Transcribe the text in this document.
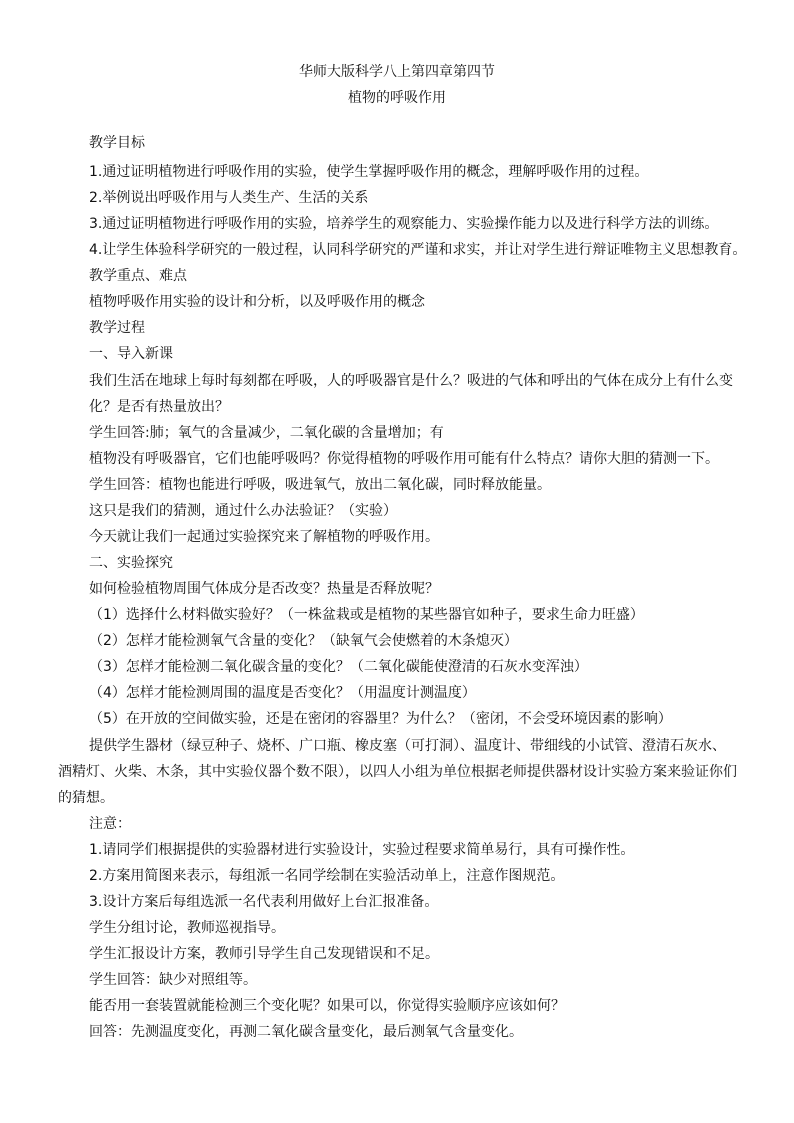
华师大版科学八上第四章第四节
植物的呼吸作用
教学目标
1.通过证明植物进行呼吸作用的实验，使学生掌握呼吸作用的概念，理解呼吸作用的过程。
2.举例说出呼吸作用与人类生产、生活的关系
3.通过证明植物进行呼吸作用的实验，培养学生的观察能力、实验操作能力以及进行科学方法的训练。
4.让学生体验科学研究的一般过程，认同科学研究的严谨和求实，并让对学生进行辩证唯物主义思想教育。
教学重点、难点
植物呼吸作用实验的设计和分析，以及呼吸作用的概念
教学过程
一、导入新课
我们生活在地球上每时每刻都在呼吸，人的呼吸器官是什么？吸进的气体和呼出的气体在成分上有什么变
化？是否有热量放出？
学生回答:肺；氧气的含量减少，二氧化碳的含量增加；有
植物没有呼吸器官，它们也能呼吸吗？你觉得植物的呼吸作用可能有什么特点？请你大胆的猜测一下。
学生回答：植物也能进行呼吸，吸进氧气，放出二氧化碳，同时释放能量。
这只是我们的猜测，通过什么办法验证？（实验）
今天就让我们一起通过实验探究来了解植物的呼吸作用。
二、实验探究
如何检验植物周围气体成分是否改变？热量是否释放呢？
（1）选择什么材料做实验好？（一株盆栽或是植物的某些器官如种子，要求生命力旺盛）
（2）怎样才能检测氧气含量的变化？（缺氧气会使燃着的木条熄灭）
（3）怎样才能检测二氧化碳含量的变化？（二氧化碳能使澄清的石灰水变浑浊）
（4）怎样才能检测周围的温度是否变化？（用温度计测温度）
（5）在开放的空间做实验，还是在密闭的容器里？为什么？（密闭，不会受环境因素的影响）
提供学生器材（绿豆种子、烧杯、广口瓶、橡皮塞（可打洞）、温度计、带细线的小试管、澄清石灰水、
酒精灯、火柴、木条，其中实验仪器个数不限），以四人小组为单位根据老师提供器材设计实验方案来验证你们
的猜想。
注意：
1.请同学们根据提供的实验器材进行实验设计，实验过程要求简单易行，具有可操作性。
2.方案用简图来表示，每组派一名同学绘制在实验活动单上，注意作图规范。
3.设计方案后每组选派一名代表利用做好上台汇报准备。
学生分组讨论，教师巡视指导。
学生汇报设计方案，教师引导学生自己发现错误和不足。
学生回答：缺少对照组等。
能否用一套装置就能检测三个变化呢？如果可以，你觉得实验顺序应该如何？
回答：先测温度变化，再测二氧化碳含量变化，最后测氧气含量变化。
